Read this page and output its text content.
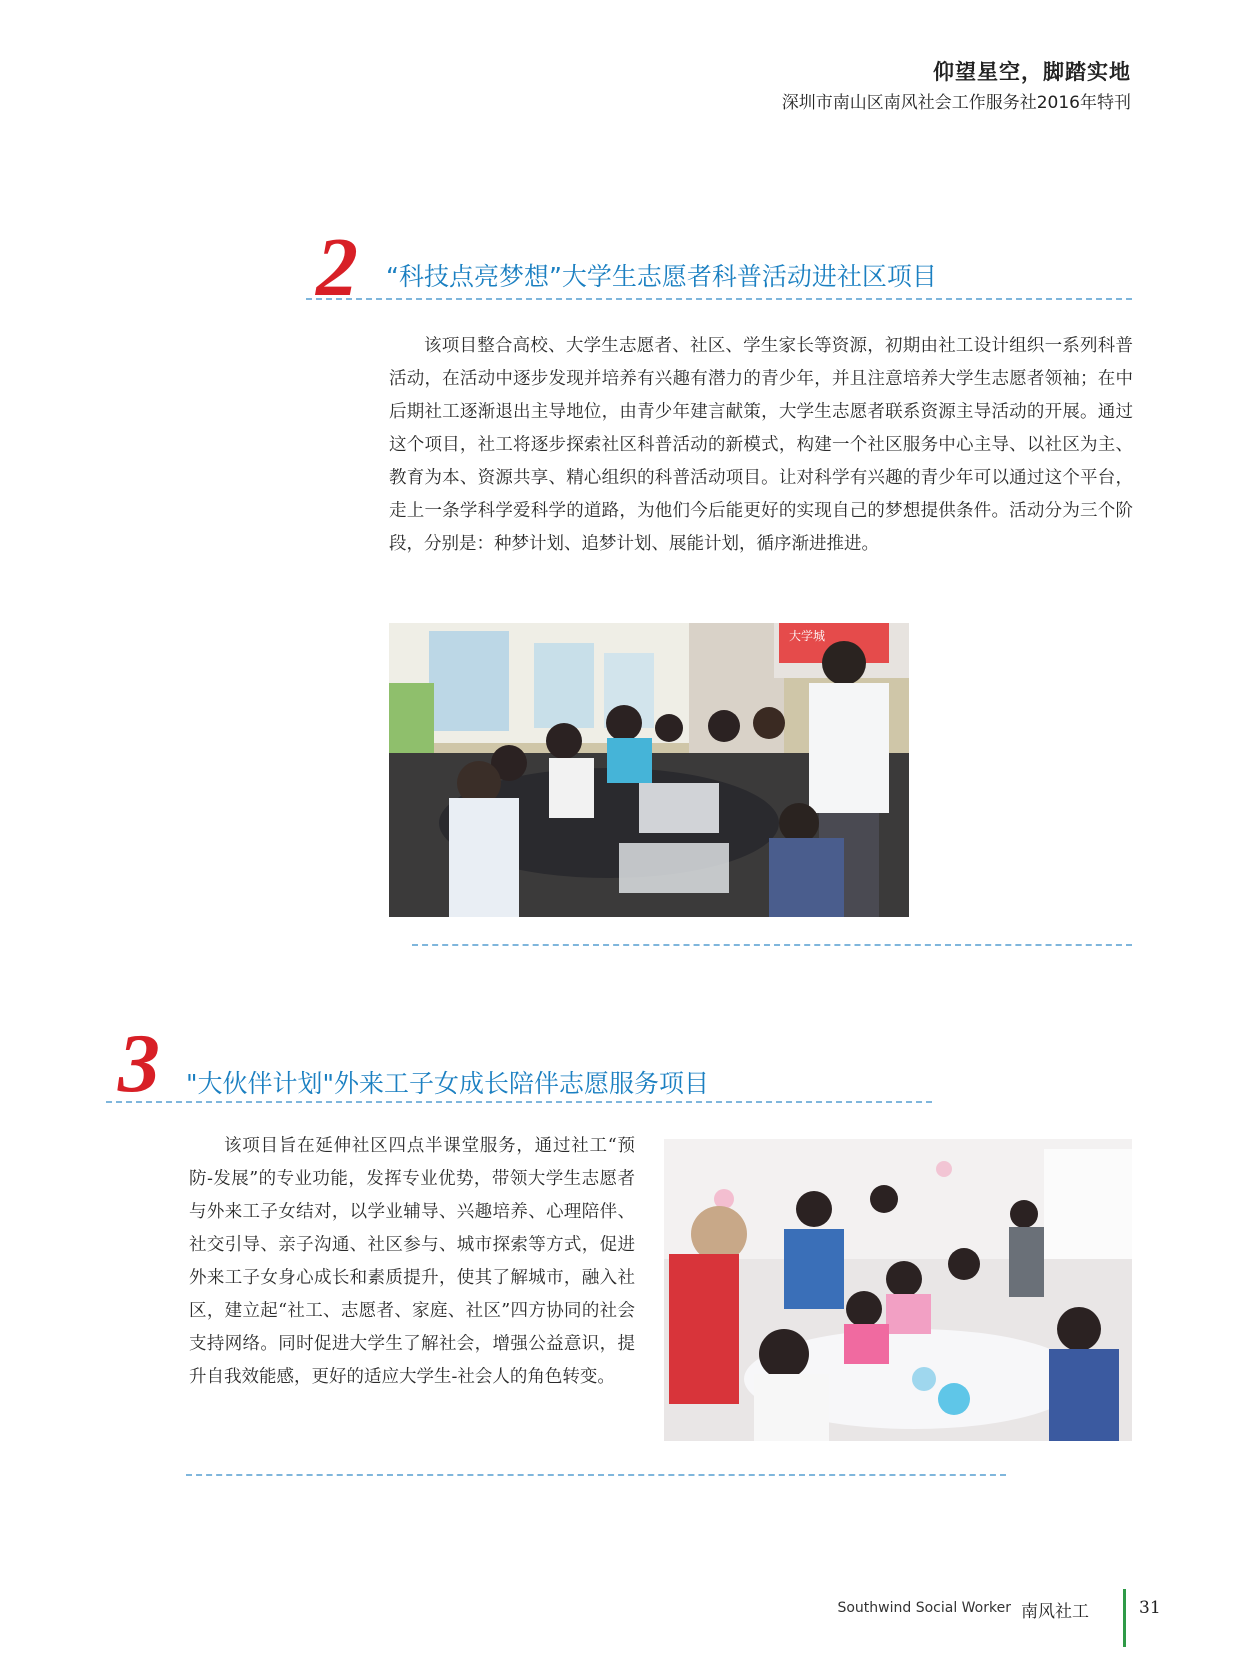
仰望星空，脚踏实地
深圳市南山区南风社会工作服务社2016年特刊
2 “科技点亮梦想”大学生志愿者科普活动进社区项目

该项目整合高校、大学生志愿者、社区、学生家长等资源，初期由社工设计组织一系列科普活动，在活动中逐步发现并培养有兴趣有潜力的青少年，并且注意培养大学生志愿者领袖；在中后期社工逐渐退出主导地位，由青少年建言献策，大学生志愿者联系资源主导活动的开展。通过这个项目，社工将逐步探索社区科普活动的新模式，构建一个社区服务中心主导、以社区为主、教育为本、资源共享、精心组织的科普活动项目。让对科学有兴趣的青少年可以通过这个平台，走上一条学科学爱科学的道路，为他们今后能更好的实现自己的梦想提供条件。活动分为三个阶段，分别是：种梦计划、追梦计划、展能计划，循序渐进推进。

大学城
3 "大伙伴计划"外来工子女成长陪伴志愿服务项目

该项目旨在延伸社区四点半课堂服务，通过社工“预防-发展”的专业功能，发挥专业优势，带领大学生志愿者与外来工子女结对，以学业辅导、兴趣培养、心理陪伴、社交引导、亲子沟通、社区参与、城市探索等方式，促进外来工子女身心成长和素质提升，使其了解城市，融入社区，建立起“社工、志愿者、家庭、社区”四方协同的社会支持网络。同时促进大学生了解社会，增强公益意识，提升自我效能感，更好的适应大学生-社会人的角色转变。

Southwind Social Worker 南风社工	31
